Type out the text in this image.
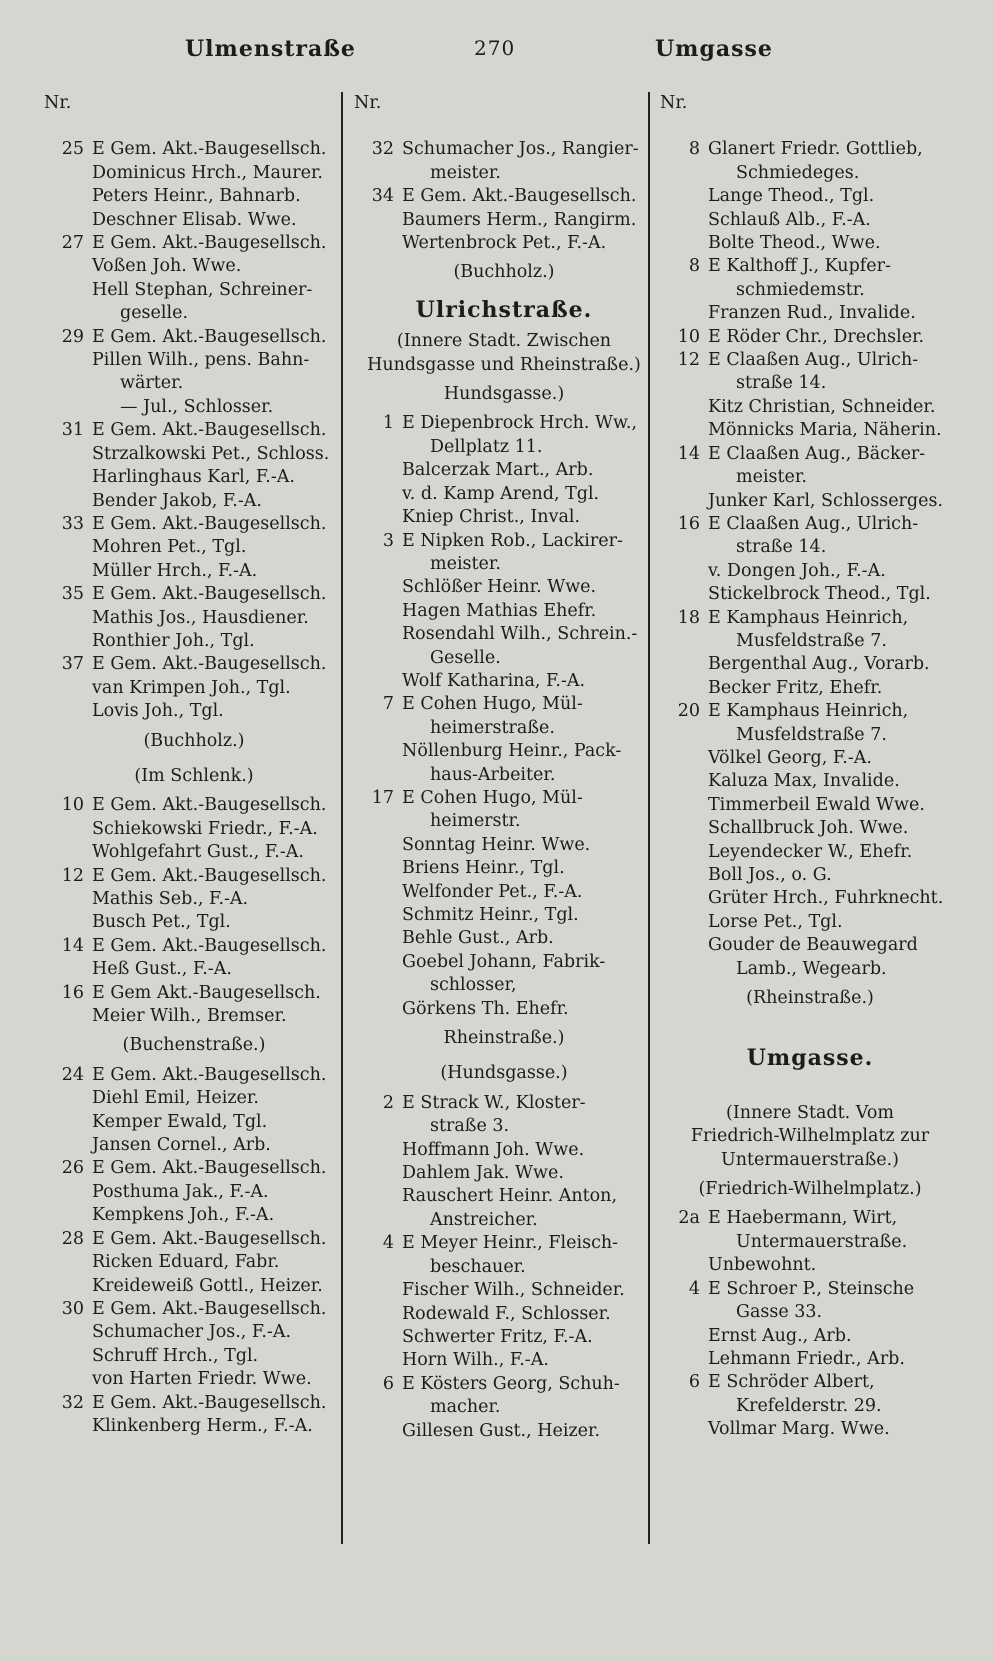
Ulmenstraße	270	Umgasse
Nr.
25 E Gem. Akt.-Baugesellsch.
Dominicus Hrch., Maurer.
Peters Heinr., Bahnarb.
Deschner Elisab. Wwe.
27 E Gem. Akt.-Baugesellsch.
Voßen Joh. Wwe.
Hell Stephan, Schreiner-
geselle.
29 E Gem. Akt.-Baugesellsch.
Pillen Wilh., pens. Bahn-
wärter.
— Jul., Schlosser.
31 E Gem. Akt.-Baugesellsch.
Strzalkowski Pet., Schloss.
Harlinghaus Karl, F.-A.
Bender Jakob, F.-A.
33 E Gem. Akt.-Baugesellsch.
Mohren Pet., Tgl.
Müller Hrch., F.-A.
35 E Gem. Akt.-Baugesellsch.
Mathis Jos., Hausdiener.
Ronthier Joh., Tgl.
37 E Gem. Akt.-Baugesellsch.
van Krimpen Joh., Tgl.
Lovis Joh., Tgl.
(Buchholz.)
(Im Schlenk.)
10 E Gem. Akt.-Baugesellsch.
Schiekowski Friedr., F.-A.
Wohlgefahrt Gust., F.-A.
12 E Gem. Akt.-Baugesellsch.
Mathis Seb., F.-A.
Busch Pet., Tgl.
14 E Gem. Akt.-Baugesellsch.
Heß Gust., F.-A.
16 E Gem Akt.-Baugesellsch.
Meier Wilh., Bremser.
(Buchenstraße.)
24 E Gem. Akt.-Baugesellsch.
Diehl Emil, Heizer.
Kemper Ewald, Tgl.
Jansen Cornel., Arb.
26 E Gem. Akt.-Baugesellsch.
Posthuma Jak., F.-A.
Kempkens Joh., F.-A.
28 E Gem. Akt.-Baugesellsch.
Ricken Eduard, Fabr.
Kreideweiß Gottl., Heizer.
30 E Gem. Akt.-Baugesellsch.
Schumacher Jos., F.-A.
Schruff Hrch., Tgl.
von Harten Friedr. Wwe.
32 E Gem. Akt.-Baugesellsch.
Klinkenberg Herm., F.-A.
Nr.
32 Schumacher Jos., Rangier-
meister.
34 E Gem. Akt.-Baugesellsch.
Baumers Herm., Rangirm.
Wertenbrock Pet., F.-A.
(Buchholz.)
Ulrichstraße.
(Innere Stadt. Zwischen
Hundsgasse und Rheinstraße.)
Hundsgasse.)
1 E Diepenbrock Hrch. Ww.,
Dellplatz 11.
Balcerzak Mart., Arb.
v. d. Kamp Arend, Tgl.
Kniep Christ., Inval.
3 E Nipken Rob., Lackirer-
meister.
Schlößer Heinr. Wwe.
Hagen Mathias Ehefr.
Rosendahl Wilh., Schrein.-
Geselle.
Wolf Katharina, F.-A.
7 E Cohen Hugo, Mül-
heimerstraße.
Nöllenburg Heinr., Pack-
haus-Arbeiter.
17 E Cohen Hugo, Mül-
heimerstr.
Sonntag Heinr. Wwe.
Briens Heinr., Tgl.
Welfonder Pet., F.-A.
Schmitz Heinr., Tgl.
Behle Gust., Arb.
Goebel Johann, Fabrik-
schlosser,
Görkens Th. Ehefr.
Rheinstraße.)
(Hundsgasse.)
2 E Strack W., Kloster-
straße 3.
Hoffmann Joh. Wwe.
Dahlem Jak. Wwe.
Rauschert Heinr. Anton,
Anstreicher.
4 E Meyer Heinr., Fleisch-
beschauer.
Fischer Wilh., Schneider.
Rodewald F., Schlosser.
Schwerter Fritz, F.-A.
Horn Wilh., F.-A.
6 E Kösters Georg, Schuh-
macher.
Gillesen Gust., Heizer.
Nr.
8 Glanert Friedr. Gottlieb,
Schmiedeges.
Lange Theod., Tgl.
Schlauß Alb., F.-A.
Bolte Theod., Wwe.
8 E Kalthoff J., Kupfer-
schmiedemstr.
Franzen Rud., Invalide.
10 E Röder Chr., Drechsler.
12 E Claaßen Aug., Ulrich-
straße 14.
Kitz Christian, Schneider.
Mönnicks Maria, Näherin.
14 E Claaßen Aug., Bäcker-
meister.
Junker Karl, Schlosserges.
16 E Claaßen Aug., Ulrich-
straße 14.
v. Dongen Joh., F.-A.
Stickelbrock Theod., Tgl.
18 E Kamphaus Heinrich,
Musfeldstraße 7.
Bergenthal Aug., Vorarb.
Becker Fritz, Ehefr.
20 E Kamphaus Heinrich,
Musfeldstraße 7.
Völkel Georg, F.-A.
Kaluza Max, Invalide.
Timmerbeil Ewald Wwe.
Schallbruck Joh. Wwe.
Leyendecker W., Ehefr.
Boll Jos., o. G.
Grüter Hrch., Fuhrknecht.
Lorse Pet., Tgl.
Gouder de Beauwegard
Lamb., Wegearb.
(Rheinstraße.)
Umgasse.
(Innere Stadt. Vom
Friedrich-Wilhelmplatz zur
Untermauerstraße.)
(Friedrich-Wilhelmplatz.)
2a E Haebermann, Wirt,
Untermauerstraße.
Unbewohnt.
4 E Schroer P., Steinsche
Gasse 33.
Ernst Aug., Arb.
Lehmann Friedr., Arb.
6 E Schröder Albert,
Krefelderstr. 29.
Vollmar Marg. Wwe.
